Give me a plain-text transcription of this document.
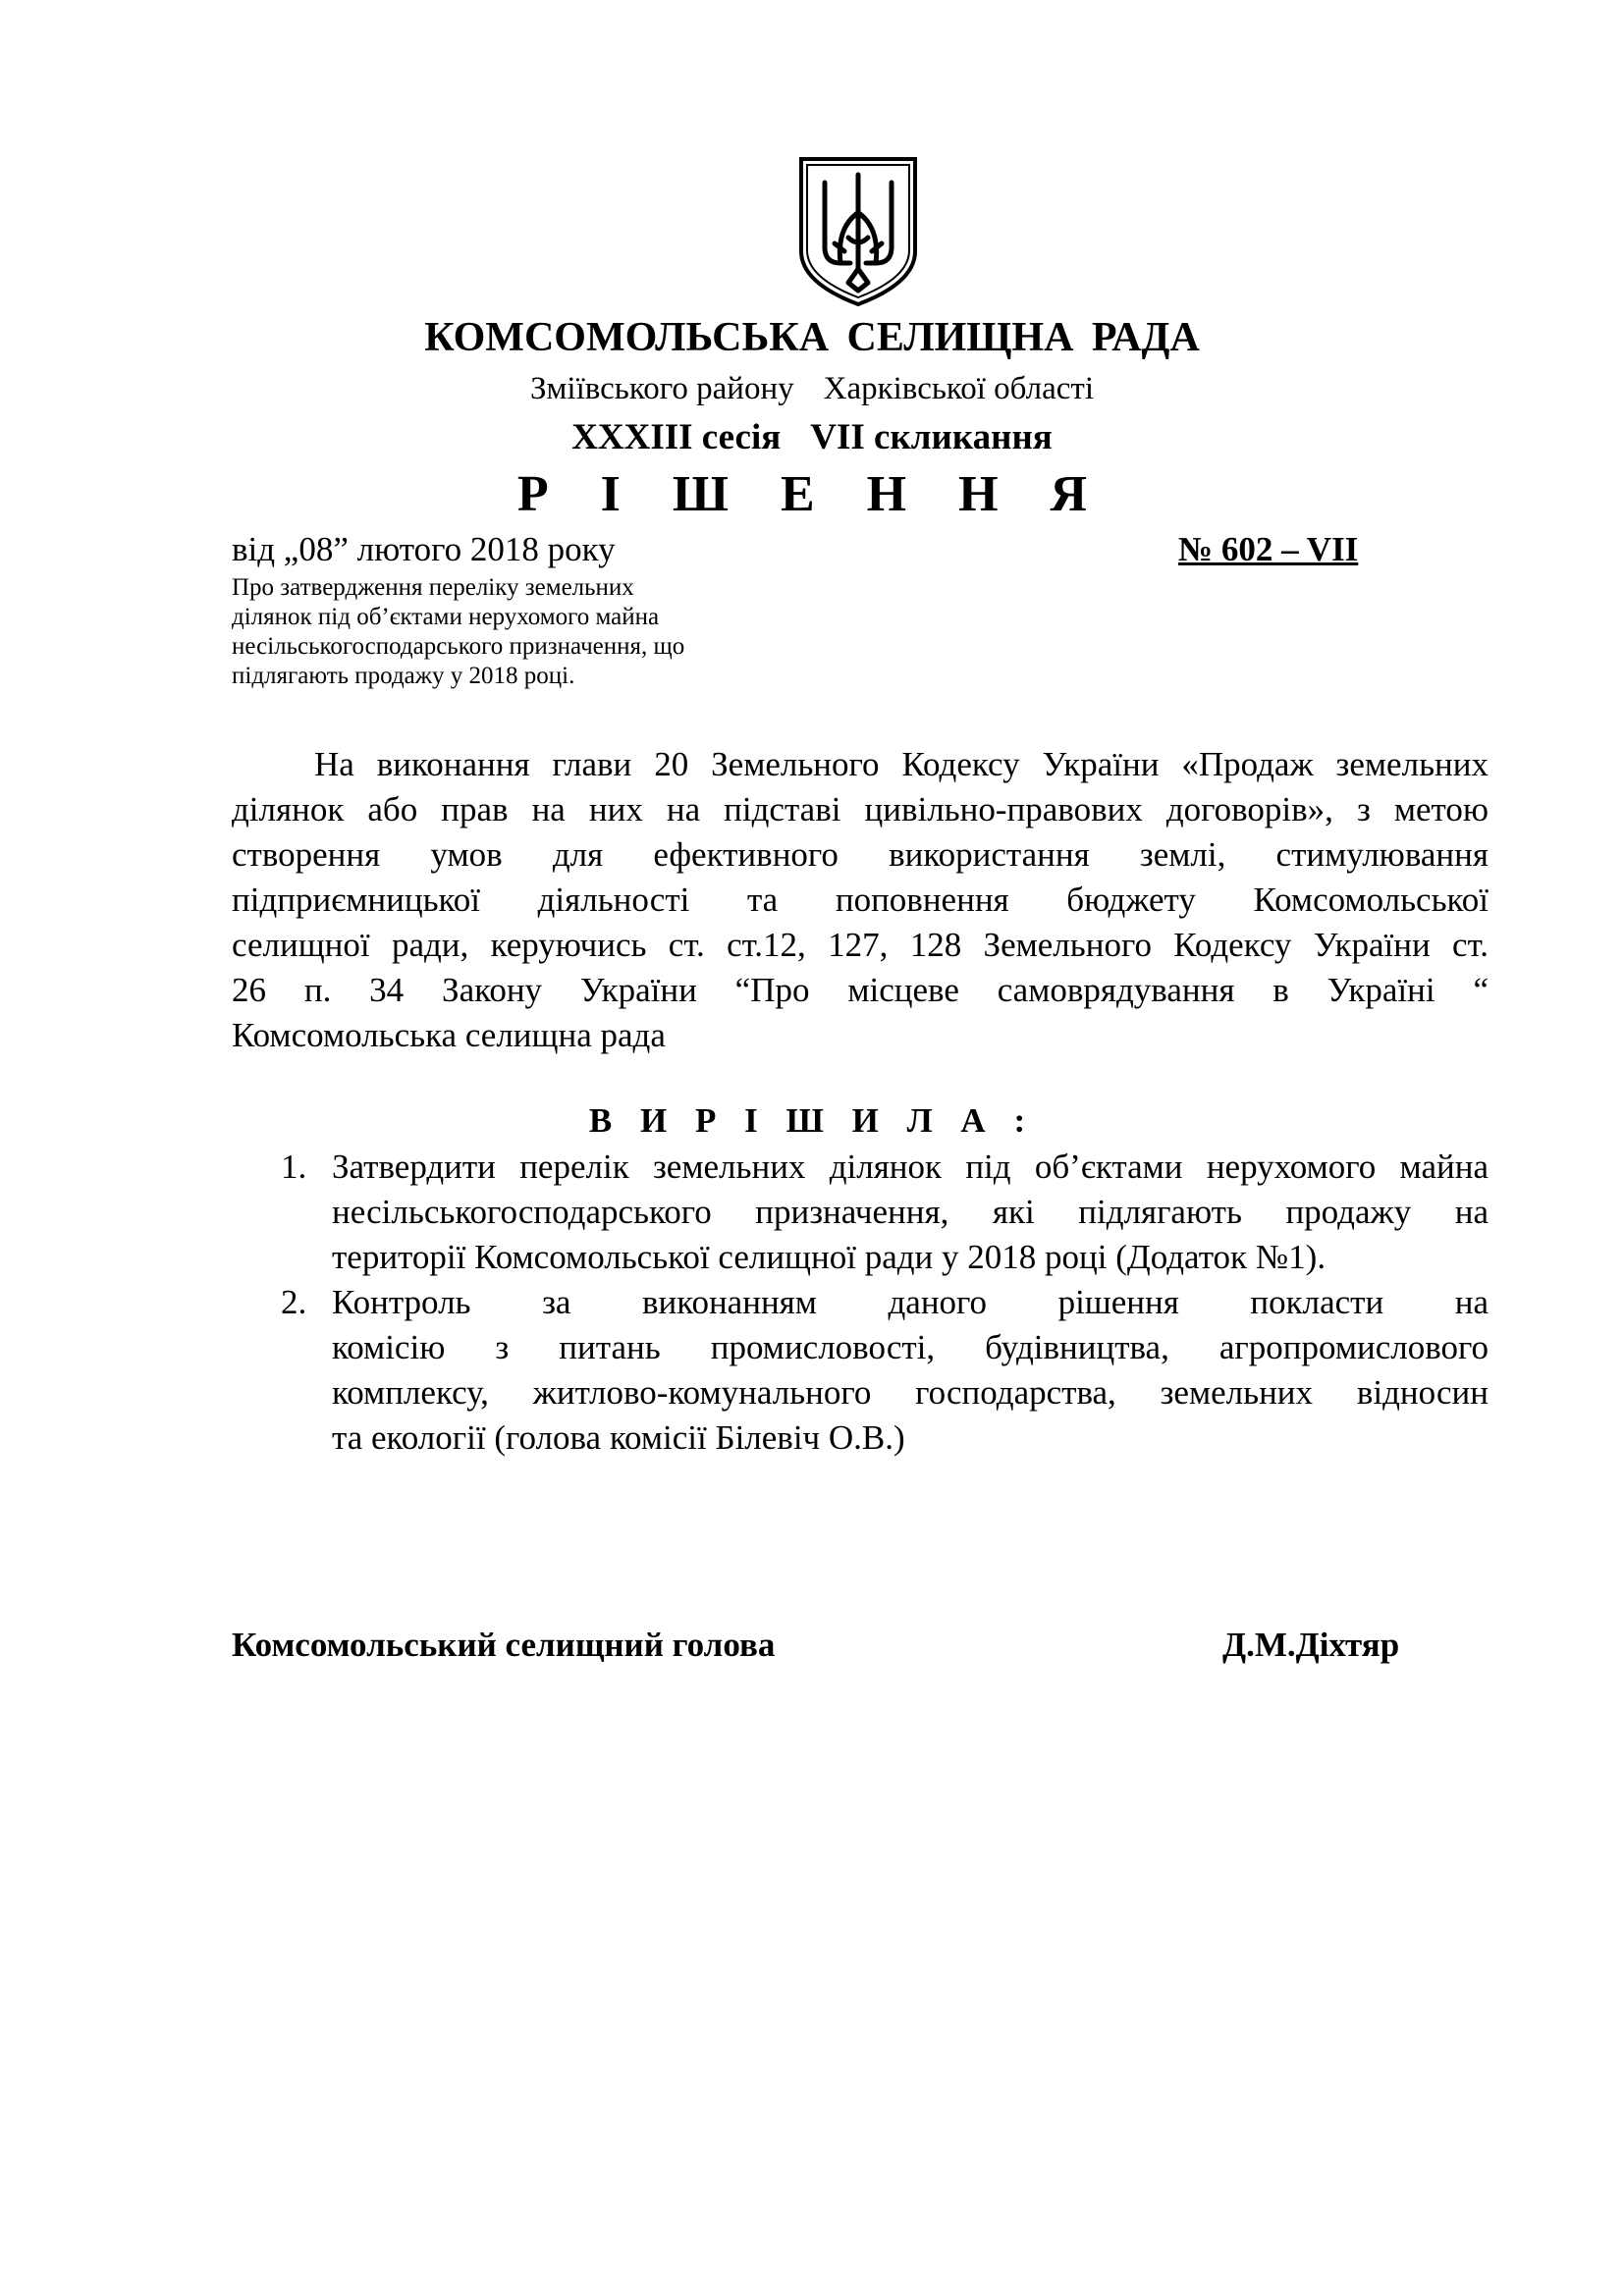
КОМСОМОЛЬСЬКА СЕЛИЩНА РАДА
Зміївського району Харківської області
XXXIII сесія VII скликання
Р І Ш Е Н Н Я
від „08” лютого 2018 року	№ 602 – VII
Про затвердження переліку земельних
ділянок під об’єктами нерухомого майна
несільськогосподарського призначення, що
підлягають продажу у 2018 році.
На виконання глави 20 Земельного Кодексу України «Продаж земельних
ділянок або прав на них на підставі цивільно-правових договорів», з метою
створення умов для ефективного використання землі, стимулювання
підприємницької діяльності та поповнення бюджету Комсомольської
селищної ради, керуючись ст. ст.12, 127, 128 Земельного Кодексу України ст.
26 п. 34 Закону України “Про місцеве самоврядування в Україні “
Комсомольська селищна рада
В И Р І Ш И Л А :
1. Затвердити перелік земельних ділянок під об’єктами нерухомого майна
несільськогосподарського призначення, які підлягають продажу на
території Комсомольської селищної ради у 2018 році (Додаток №1).
2. Контроль за виконанням даного рішення покласти на
комісію з питань промисловості, будівництва, агропромислового
комплексу, житлово-комунального господарства, земельних відносин
та екології (голова комісії Білевіч О.В.)
Комсомольський селищний голова	Д.М.Діхтяр
